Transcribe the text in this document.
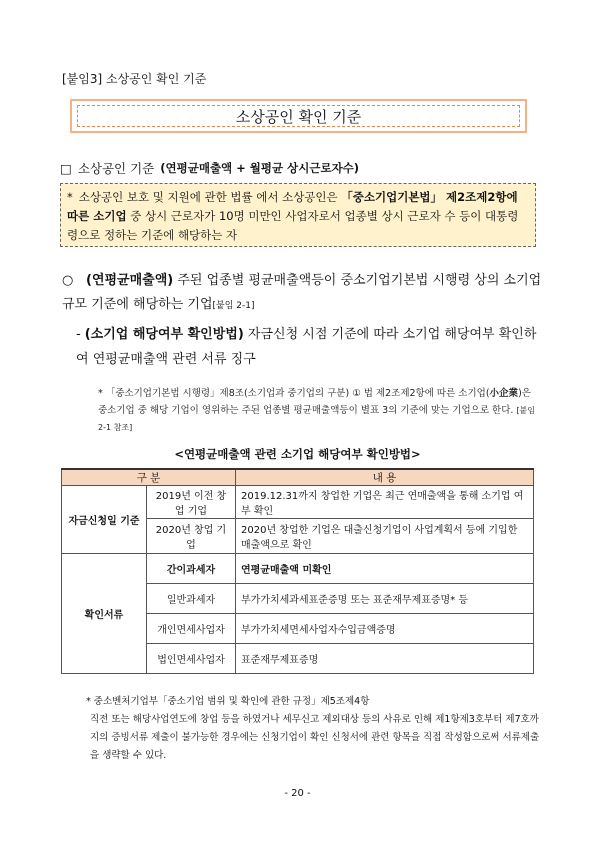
[붙임3] 소상공인 확인 기준
소상공인 확인 기준
□ 소상공인 기준 (연평균매출액 + 월평균 상시근로자수)
* 소상공인 보호 및 지원에 관한 법률 에서 소상공인은 「중소기업기본법」 제2조제2항에 따른 소기업 중 상시 근로자가 10명 미만인 사업자로서 업종별 상시 근로자 수 등이 대통령령으로 정하는 기준에 해당하는 자
○ (연평균매출액) 주된 업종별 평균매출액등이 중소기업기본법 시행령 상의 소기업 규모 기준에 해당하는 기업[붙임 2-1]
- (소기업 해당여부 확인방법) 자금신청 시점 기준에 따라 소기업 해당여부 확인하여 연평균매출액 관련 서류 징구
* 「중소기업기본법 시행령」제8조(소기업과 중기업의 구분) ① 법 제2조제2항에 따른 소기업(小企業)은 중소기업 중 해당 기업이 영위하는 주된 업종별 평균매출액등이 별표 3의 기준에 맞는 기업으로 한다. [붙임 2-1 참조]
<연평균매출액 관련 소기업 해당여부 확인방법>
구 분		내 용
자금신청일 기준	2019년 이전 창업 기업	2019.12.31까지 창업한 기업은 최근 연매출액을 통해 소기업 여부 확인
	2020년 창업 기업	2020년 창업한 기업은 대출신청기업이 사업계획서 등에 기입한 매출액으로 확인
확인서류	간이과세자	연평균매출액 미확인
	일반과세자	부가가치세과세표준증명 또는 표준재무제표증명* 등
	개인면세사업자	부가가치세면세사업자수입금액증명
	법인면세사업자	표준재무제표증명
* 중소벤처기업부「중소기업 범위 및 확인에 관한 규정」제5조제4항
직전 또는 해당사업연도에 창업 등을 하였거나 세무신고 제외대상 등의 사유로 인해 제1항제3호부터 제7호까지의 증빙서류 제출이 불가능한 경우에는 신청기업이 확인 신청서에 관련 항목을 직접 작성함으로써 서류제출을 생략할 수 있다.
- 20 -
